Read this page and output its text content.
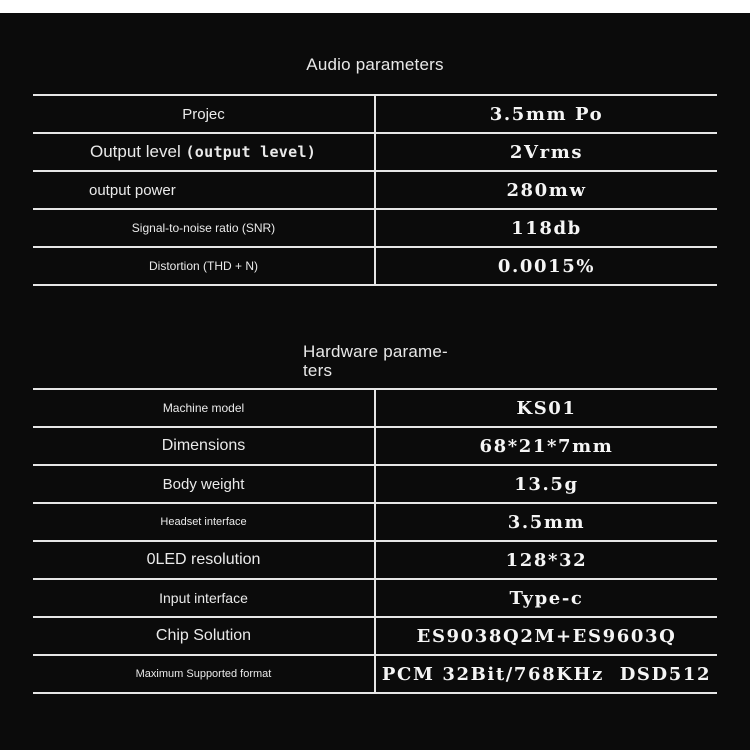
Audio parameters
Projec	3.5mm Po
Output level (output level)	2Vrms
output power	280mw
Signal-to-noise ratio (SNR)	118db
Distortion (THD + N)	0.0015%
Hardware parame-
ters
Machine model	KS01
Dimensions	68*21*7mm
Body weight	13.5g
Headset interface	3.5mm
0LED resolution	128*32
Input interface	Type-c
Chip Solution	ES9038Q2M+ES9603Q
Maximum Supported format	PCM 32Bit/768KHz  DSD512
